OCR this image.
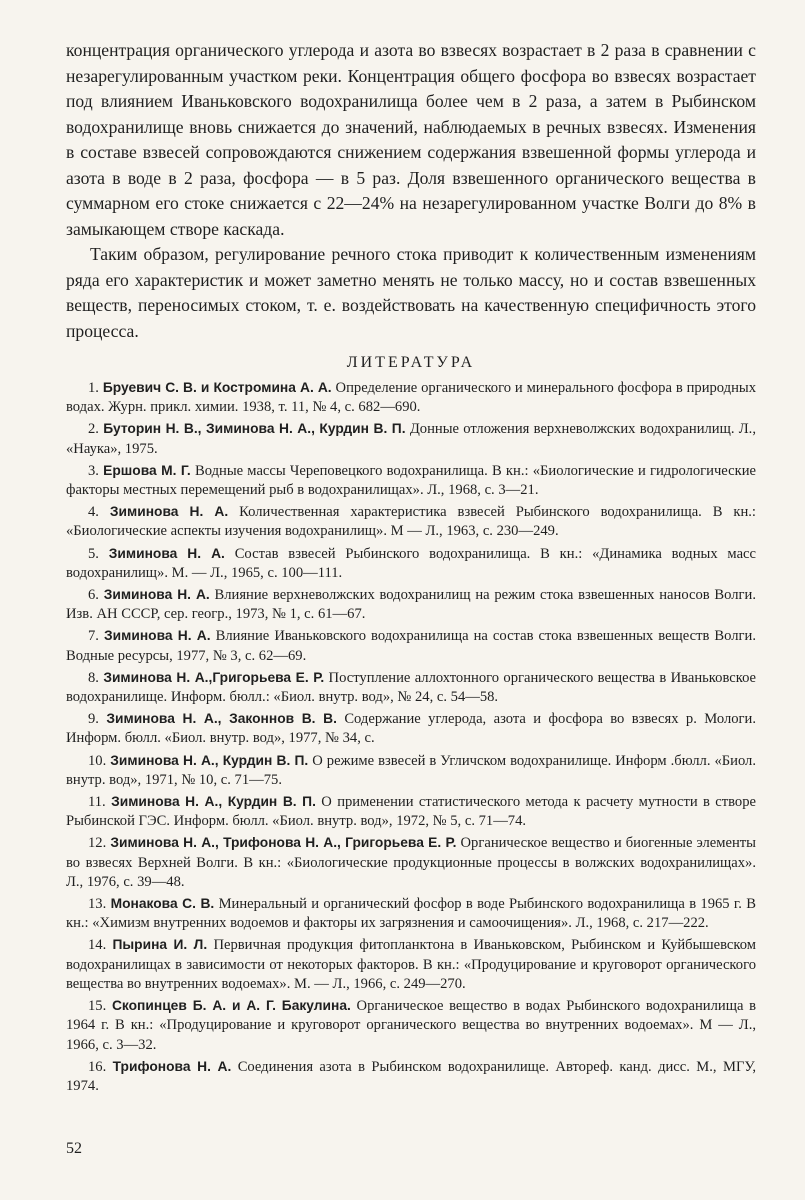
концентрация органического углерода и азота во взвесях возрастает в 2 раза в сравнении с незарегулированным участком реки. Концентрация общего фосфора во взвесях возрастает под влиянием Иваньковского водохранилища более чем в 2 раза, а затем в Рыбинском водохранилище вновь снижается до значений, наблюдаемых в речных взвесях. Изменения в составе взвесей сопровождаются снижением содержания взвешенной формы углерода и азота в воде в 2 раза, фосфора — в 5 раз. Доля взвешенного органического вещества в суммарном его стоке снижается с 22—24% на незарегулированном участке Волги до 8% в замыкающем створе каскада.

Таким образом, регулирование речного стока приводит к количественным изменениям ряда его характеристик и может заметно менять не только массу, но и состав взвешенных веществ, переносимых стоком, т. е. воздействовать на качественную специфичность этого процесса.

ЛИТЕРАТУРА

1. Бруевич С. В. и Костромина А. А. Определение органического и минерального фосфора в природных водах. Журн. прикл. химии. 1938, т. 11, № 4, с. 682—690.

2. Буторин Н. В., Зиминова Н. А., Курдин В. П. Донные отложения верхневолжских водохранилищ. Л., «Наука», 1975.

3. Ершова М. Г. Водные массы Череповецкого водохранилища. В кн.: «Биологические и гидрологические факторы местных перемещений рыб в водохранилищах». Л., 1968, с. 3—21.

4. Зиминова Н. А. Количественная характеристика взвесей Рыбинского водохранилища. В кн.: «Биологические аспекты изучения водохранилищ». М — Л., 1963, с. 230—249.

5. Зиминова Н. А. Состав взвесей Рыбинского водохранилища. В кн.: «Динамика водных масс водохранилищ». М. — Л., 1965, с. 100—111.

6. Зиминова Н. А. Влияние верхневолжских водохранилищ на режим стока взвешенных наносов Волги. Изв. АН СССР, сер. геогр., 1973, № 1, с. 61—67.

7. Зиминова Н. А. Влияние Иваньковского водохранилища на состав стока взвешенных веществ Волги. Водные ресурсы, 1977, № 3, с. 62—69.

8. Зиминова Н. А.,Григорьева Е. Р. Поступление аллохтонного органического вещества в Иваньковское водохранилище. Информ. бюлл.: «Биол. внутр. вод», № 24, с. 54—58.

9. Зиминова Н. А., Законнов В. В. Содержание углерода, азота и фосфора во взвесях р. Мологи. Информ. бюлл. «Биол. внутр. вод», 1977, № 34, с.

10. Зиминова Н. А., Курдин В. П. О режиме взвесей в Угличском водохранилище. Информ .бюлл. «Биол. внутр. вод», 1971, № 10, с. 71—75.

11. Зиминова Н. А., Курдин В. П. О применении статистического метода к расчету мутности в створе Рыбинской ГЭС. Информ. бюлл. «Биол. внутр. вод», 1972, № 5, с. 71—74.

12. Зиминова Н. А., Трифонова Н. А., Григорьева Е. Р. Органическое вещество и биогенные элементы во взвесях Верхней Волги. В кн.: «Биологические продукционные процессы в волжских водохранилищах». Л., 1976, с. 39—48.

13. Монакова С. В. Минеральный и органический фосфор в воде Рыбинского водохранилища в 1965 г. В кн.: «Химизм внутренних водоемов и факторы их загрязнения и самоочищения». Л., 1968, с. 217—222.

14. Пырина И. Л. Первичная продукция фитопланктона в Иваньковском, Рыбинском и Куйбышевском водохранилищах в зависимости от некоторых факторов. В кн.: «Продуцирование и круговорот органического вещества во внутренних водоемах». М. — Л., 1966, с. 249—270.

15. Скопинцев Б. А. и А. Г. Бакулина. Органическое вещество в водах Рыбинского водохранилища в 1964 г. В кн.: «Продуцирование и круговорот органического вещества во внутренних водоемах». М — Л., 1966, с. 3—32.

16. Трифонова Н. А. Соединения азота в Рыбинском водохранилище. Автореф. канд. дисс. М., МГУ, 1974.

52
